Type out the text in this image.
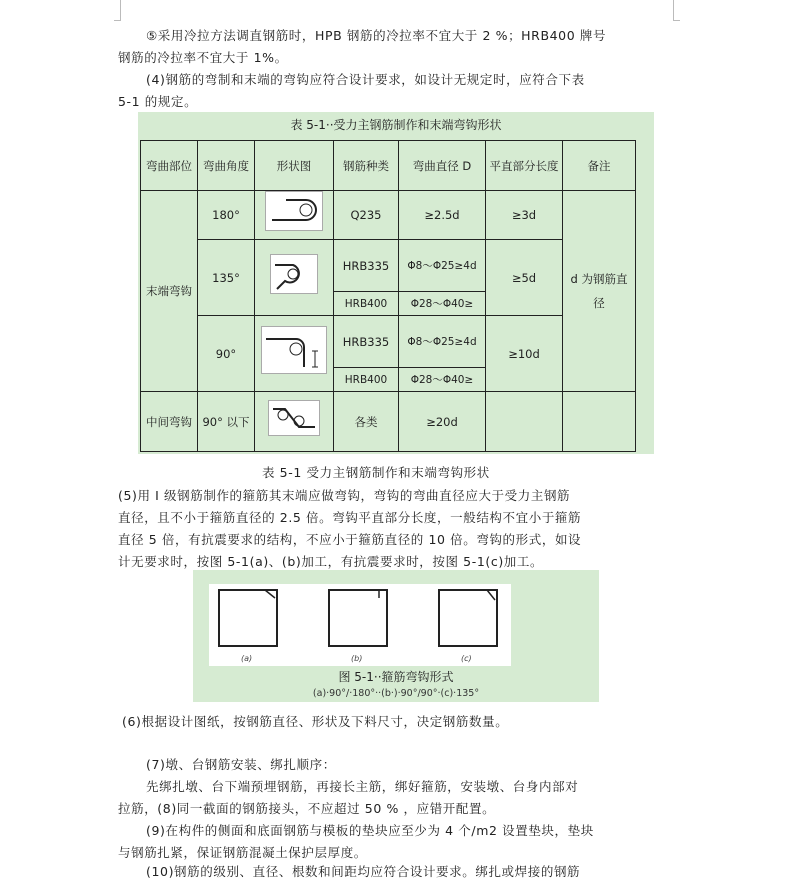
⑤采用冷拉方法调直钢筋时，HPB 钢筋的冷拉率不宜大于 2 %；HRB400 牌号
钢筋的冷拉率不宜大于 1%。
(4)钢筋的弯制和末端的弯钩应符合设计要求，如设计无规定时，应符合下表
5-1 的规定。
表 5-1··受力主钢筋制作和末端弯钩形状
弯曲部位	弯曲角度	形状图	钢筋种类	弯曲直径 D	平直部分长度	备注
末端弯钩	180°		Q235	≥2.5d	≥3d	d 为钢筋直径
	135°		HRB335	Φ8～Φ25≥4d	≥5d	
			HRB400	Φ28～Φ40≥		
	90°		HRB335	Φ8～Φ25≥4d	≥10d	
			HRB400	Φ28～Φ40≥		
中间弯钩	90° 以下		各类	≥20d		
表 5-1 受力主钢筋制作和末端弯钩形状
(5)用 I 级钢筋制作的箍筋其末端应做弯钩，弯钩的弯曲直径应大于受力主钢筋
直径，且不小于箍筋直径的 2.5 倍。弯钩平直部分长度，一般结构不宜小于箍筋
直径 5 倍，有抗震要求的结构，不应小于箍筋直径的 10 倍。弯钩的形式，如设
计无要求时，按图 5-1(a)、(b)加工，有抗震要求时，按图 5-1(c)加工。
(a)	(b)	(c)
图 5-1··箍筋弯钩形式
(a)·90°/·180°··(b·)·90°/90°·(c)·135°
(6)根据设计图纸，按钢筋直径、形状及下料尺寸，决定钢筋数量。
(7)墩、台钢筋安装、绑扎顺序：
先绑扎墩、台下端预埋钢筋，再接长主筋，绑好箍筋，安装墩、台身内部对
拉筋，(8)同一截面的钢筋接头，不应超过 50 % ，应错开配置。
(9)在构件的侧面和底面钢筋与模板的垫块应至少为 4 个/m2 设置垫块，垫块
与钢筋扎紧，保证钢筋混凝土保护层厚度。
(10)钢筋的级别、直径、根数和间距均应符合设计要求。绑扎或焊接的钢筋
